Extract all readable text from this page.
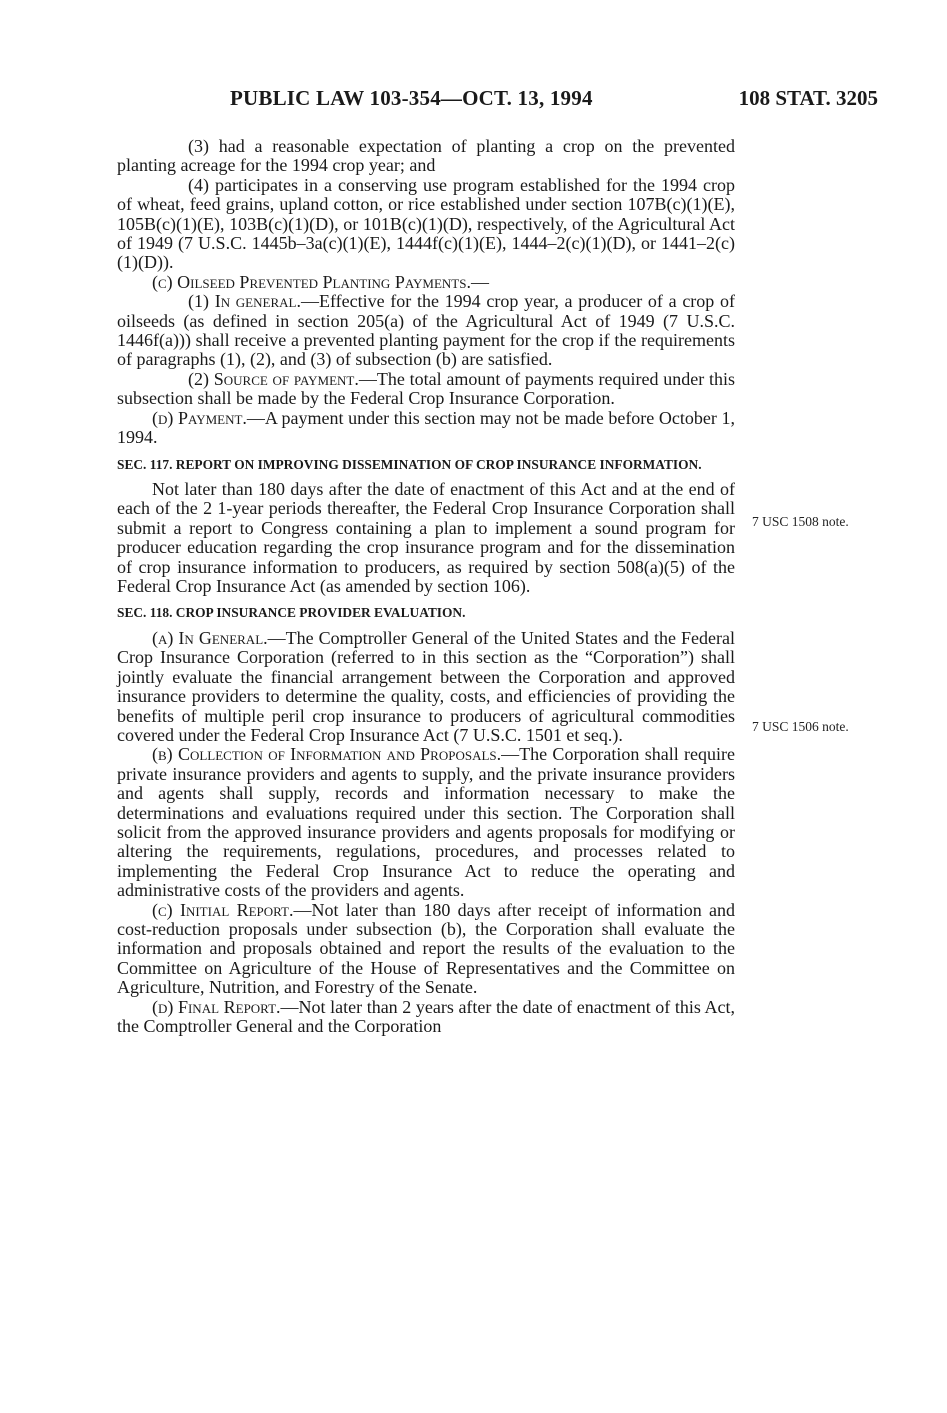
PUBLIC LAW 103-354—OCT. 13, 1994	108 STAT. 3205

(3) had a reasonable expectation of planting a crop on the prevented planting acreage for the 1994 crop year; and

(4) participates in a conserving use program established for the 1994 crop of wheat, feed grains, upland cotton, or rice established under section 107B(c)(1)(E), 105B(c)(1)(E), 103B(c)(1)(D), or 101B(c)(1)(D), respectively, of the Agricultural Act of 1949 (7 U.S.C. 1445b–3a(c)(1)(E), 1444f(c)(1)(E), 1444–2(c)(1)(D), or 1441–2(c)(1)(D)).

(c) Oilseed Prevented Planting Payments.—

(1) In general.—Effective for the 1994 crop year, a producer of a crop of oilseeds (as defined in section 205(a) of the Agricultural Act of 1949 (7 U.S.C. 1446f(a))) shall receive a prevented planting payment for the crop if the requirements of paragraphs (1), (2), and (3) of subsection (b) are satisfied.

(2) Source of payment.—The total amount of payments required under this subsection shall be made by the Federal Crop Insurance Corporation.

(d) Payment.—A payment under this section may not be made before October 1, 1994.

SEC. 117. REPORT ON IMPROVING DISSEMINATION OF CROP INSURANCE INFORMATION.

Not later than 180 days after the date of enactment of this Act and at the end of each of the 2 1-year periods thereafter, the Federal Crop Insurance Corporation shall submit a report to Congress containing a plan to implement a sound program for producer education regarding the crop insurance program and for the dissemination of crop insurance information to producers, as required by section 508(a)(5) of the Federal Crop Insurance Act (as amended by section 106).

SEC. 118. CROP INSURANCE PROVIDER EVALUATION.

(a) In General.—The Comptroller General of the United States and the Federal Crop Insurance Corporation (referred to in this section as the “Corporation”) shall jointly evaluate the financial arrangement between the Corporation and approved insurance providers to determine the quality, costs, and efficiencies of providing the benefits of multiple peril crop insurance to producers of agricultural commodities covered under the Federal Crop Insurance Act (7 U.S.C. 1501 et seq.).

(b) Collection of Information and Proposals.—The Corporation shall require private insurance providers and agents to supply, and the private insurance providers and agents shall supply, records and information necessary to make the determinations and evaluations required under this section. The Corporation shall solicit from the approved insurance providers and agents proposals for modifying or altering the requirements, regulations, procedures, and processes related to implementing the Federal Crop Insurance Act to reduce the operating and administrative costs of the providers and agents.

(c) Initial Report.—Not later than 180 days after receipt of information and cost-reduction proposals under subsection (b), the Corporation shall evaluate the information and proposals obtained and report the results of the evaluation to the Committee on Agriculture of the House of Representatives and the Committee on Agriculture, Nutrition, and Forestry of the Senate.

(d) Final Report.—Not later than 2 years after the date of enactment of this Act, the Comptroller General and the Corporation

7 USC 1508 note.
7 USC 1506 note.
